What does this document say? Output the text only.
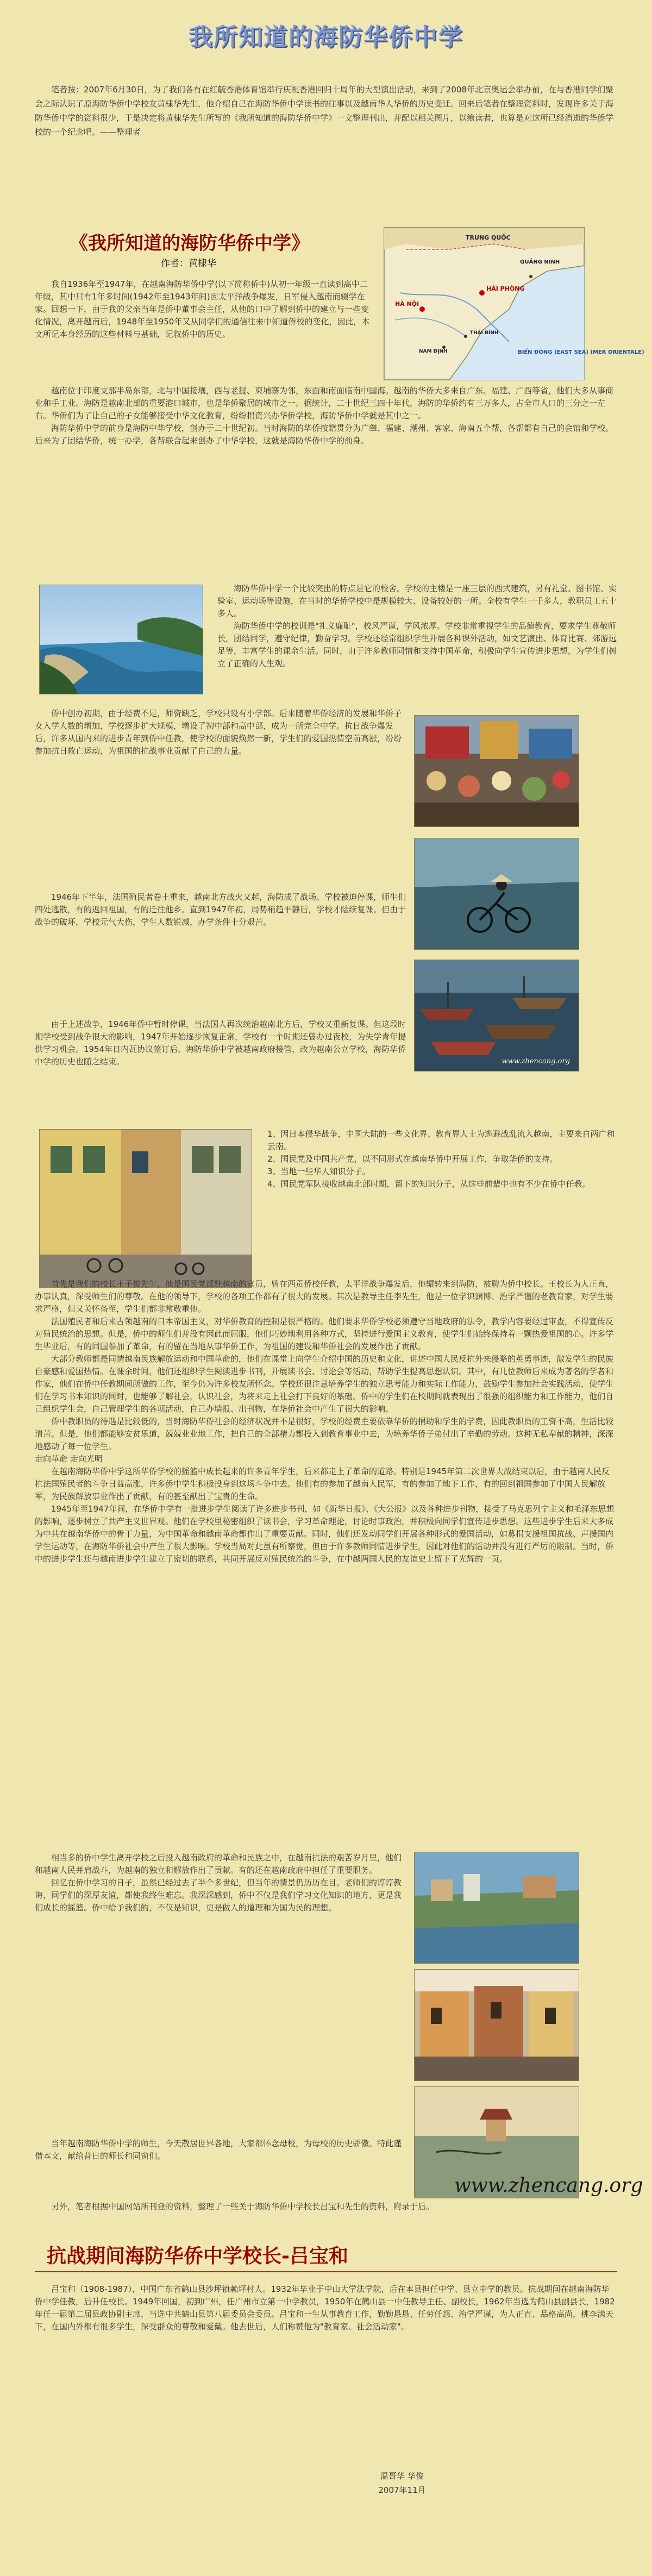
我所知道的海防华侨中学

笔者按：2007年6月30日，为了我们各有在红毓香港体育馆举行庆祝香港回归十周年的大型演出活动，来到了2008年北京奥运会举办前，在与香港同学们聚会之际认识了原海防华侨中学校友黄棣华先生，他介绍自己在海防华侨中学读书的往事以及越南华人华侨的历史变迁。回来后笔者在整理资料时，发现许多关于海防华侨中学的资料很少，于是决定将黄棣华先生所写的《我所知道的海防华侨中学》一文整理刊出，并配以相关图片，以飨读者，也算是对这所已经消逝的华侨学校的一个纪念吧。——整理者

《我所知道的海防华侨中学》
作者：黄棣华
TRUNG QUỐC
QUẢNG NINH
HẢI PHÒNG
HÀ NỘI
THÁI BÌNH
NAM ĐỊNH	BIỂN ĐÔNG (EAST SEA) (MER ORIENTALE)

我自1936年至1947年，在越南海防华侨中学(以下简称侨中)从初一年级一直读到高中二年级，其中只有1年多时间(1942年至1943年间)因太平洋战争爆发，日军侵入越南而辍学在家。回想一下，由于我的父亲当年是侨中董事会主任，从他的口中了解到侨中的建立与一些变化情况，离开越南后，1948年至1950年又从同学们的通信往来中知道侨校的变化，因此，本文所记本身经历的这些材料与基础，记叙侨中的历史。

越南位于印度支那半岛东部，北与中国接壤，西与老挝、柬埔寨为邻，东面和南面临南中国海。越南的华侨大多来自广东、福建、广西等省，他们大多从事商业和手工业。海防是越南北部的重要港口城市，也是华侨聚居的城市之一。据统计，二十世纪三四十年代，海防的华侨约有三万多人，占全市人口的三分之一左右。华侨们为了让自己的子女能够接受中华文化教育，纷纷捐资兴办华侨学校，海防华侨中学就是其中之一。

海防华侨中学的前身是海防中华学校，创办于二十世纪初。当时海防的华侨按籍贯分为广肇、福建、潮州、客家、海南五个帮，各帮都有自己的会馆和学校。后来为了团结华侨，统一办学，各帮联合起来创办了中华学校，这就是海防华侨中学的前身。

海防华侨中学一个比较突出的特点是它的校舍。学校的主楼是一座三层的西式建筑，另有礼堂、图书馆、实验室、运动场等设施，在当时的华侨学校中是规模较大、设备较好的一所。全校有学生一千多人，教职员工五十多人。

海防华侨中学的校训是"礼义廉耻"，校风严谨，学风浓厚。学校非常重视学生的品德教育，要求学生尊敬师长，团结同学，遵守纪律，勤奋学习。学校还经常组织学生开展各种课外活动，如文艺演出、体育比赛、郊游远足等，丰富学生的课余生活。同时，由于许多教师同情和支持中国革命，积极向学生宣传进步思想，为学生们树立了正确的人生观。

侨中创办初期，由于经费不足，师资缺乏，学校只设有小学部。后来随着华侨经济的发展和华侨子女入学人数的增加，学校逐步扩大规模，增设了初中部和高中部，成为一所完全中学。抗日战争爆发后，许多从国内来的进步青年到侨中任教，使学校的面貌焕然一新，学生们的爱国热情空前高涨，纷纷参加抗日救亡运动，为祖国的抗战事业贡献了自己的力量。

www.zhencang.org

1946年下半年，法国殖民者卷土重来，越南北方战火又起，海防成了战场。学校被迫停课，师生们四处逃散，有的返回祖国，有的迁往他乡。直到1947年初，局势稍趋平静后，学校才陆续复课。但由于战争的破坏，学校元气大伤，学生人数锐减，办学条件十分艰苦。

由于上述战争，1946年侨中暂时停课，当法国人再次统治越南北方后，学校又重新复课。但这段时期学校受到战争很大的影响，1947年开始逐步恢复正常，学校有一个时期还曾办过夜校，为失学青年提供学习机会。1954年日内瓦协议签订后，海防华侨中学被越南政府接管，改为越南公立学校，海防华侨中学的历史也随之结束。

1、因日本侵华战争，中国大陆的一些文化界、教育界人士为逃避战乱流入越南，主要来自两广和云南。

2、国民党及中国共产党，以不同形式在越南华侨中开展工作，争取华侨的支持。

3、当地一些华人知识分子。

4、国民党军队接收越南北部时期，留下的知识分子，从这些前辈中也有不少在侨中任教。

首先是我们的校长王子俊先生，他是国民党派驻越南的官员，曾在西贡侨校任教，太平洋战争爆发后，他辗转来到海防，被聘为侨中校长。王校长为人正直，办事认真，深受师生们的尊敬。在他的领导下，学校的各项工作都有了很大的发展。其次是教导主任李先生，他是一位学识渊博、治学严谨的老教育家，对学生要求严格，但又关怀备至，学生们都非常敬重他。

法国殖民者和后来占领越南的日本帝国主义，对华侨教育的控制是很严格的。他们要求华侨学校必须遵守当地政府的法令，教学内容要经过审查，不得宣传反对殖民统治的思想。但是，侨中的师生们并没有因此而屈服，他们巧妙地利用各种方式，坚持进行爱国主义教育，使学生们始终保持着一颗热爱祖国的心。许多学生毕业后，有的回国参加了革命，有的留在当地从事华侨工作，为祖国的建设和华侨社会的发展作出了贡献。

大部分教师都是同情越南民族解放运动和中国革命的，他们在课堂上向学生介绍中国的历史和文化，讲述中国人民反抗外来侵略的英勇事迹，激发学生的民族自豪感和爱国热情。在课余时间，他们还组织学生阅读进步书刊，开展读书会、讨论会等活动，帮助学生提高思想认识。其中，有几位教师后来成为著名的学者和作家，他们在侨中任教期间所做的工作，至今仍为许多校友所怀念。学校还很注意培养学生的独立思考能力和实际工作能力，鼓励学生参加社会实践活动，使学生们在学习书本知识的同时，也能够了解社会，认识社会，为将来走上社会打下良好的基础。侨中的学生们在校期间就表现出了很强的组织能力和工作能力，他们自己组织学生会，自己管理学生的各项活动，自己办墙报、出刊物，在华侨社会中产生了很大的影响。

侨中教职员的待遇是比较低的，当时海防华侨社会的经济状况并不是很好，学校的经费主要依靠华侨的捐助和学生的学费，因此教职员的工资不高，生活比较清苦。但是，他们都能够安贫乐道，兢兢业业地工作，把自己的全部精力都投入到教育事业中去，为培养华侨子弟付出了辛勤的劳动。这种无私奉献的精神，深深地感动了每一位学生。

走向革命 走向光明

在越南海防华侨中学这所华侨学校的摇篮中成长起来的许多青年学生，后来都走上了革命的道路。特别是1945年第二次世界大战结束以后，由于越南人民反抗法国殖民者的斗争日益高涨，许多侨中学生积极投身到这场斗争中去。他们有的参加了越南人民军，有的参加了地下工作，有的回到祖国参加了中国人民解放军，为民族解放事业作出了贡献，有的甚至献出了宝贵的生命。

1945年至1947年间，在华侨中学有一批进步学生阅读了许多进步书刊，如《新华日报》、《大公报》以及各种进步刊物，接受了马克思列宁主义和毛泽东思想的影响，逐步树立了共产主义世界观。他们在学校里秘密组织了读书会，学习革命理论，讨论时事政治，并积极向同学们宣传进步思想。这些进步学生后来大多成为中共在越南华侨中的骨干力量，为中国革命和越南革命都作出了重要贡献。同时，他们还发动同学们开展各种形式的爱国活动，如募捐支援祖国抗战、声援国内学生运动等，在海防华侨社会中产生了很大影响。学校当局对此虽有所察觉，但由于许多教师同情进步学生，因此对他们的活动并没有进行严厉的限制。当时，侨中的进步学生还与越南进步学生建立了密切的联系，共同开展反对殖民统治的斗争，在中越两国人民的友谊史上留下了光辉的一页。

相当多的侨中学生离开学校之后投入越南政府的革命和民族之中，在越南抗法的艰苦岁月里，他们和越南人民并肩战斗，为越南的独立和解放作出了贡献。有的还在越南政府中担任了重要职务。

回忆在侨中学习的日子，虽然已经过去了半个多世纪，但当年的情景仍历历在目。老师们的谆谆教诲，同学们的深厚友谊，都使我终生难忘。我深深感到，侨中不仅是我们学习文化知识的地方，更是我们成长的摇篮。侨中给予我们的，不仅是知识，更是做人的道理和为国为民的理想。

当年越南海防华侨中学的师生，今天散居世界各地，大家都怀念母校，为母校的历史骄傲。特此谨借本文，献给昔日的师长和同窗们。

www.zhencang.org

另外，笔者根据中国网站所刊登的资料，整理了一些关于海防华侨中学校长吕宝和先生的资料，附录于后。

抗战期间海防华侨中学校长-吕宝和

吕宝和（1908-1987），中国广东省鹤山县沙坪镇赖坪村人。1932年毕业于中山大学法学院，后在本县担任中学、县立中学的教员。抗战期间在越南海防华侨中学任教，后升任校长。1949年回国，初到广州，任广州市立第一中学教员，1950年在鹤山县一中任教导主任、副校长，1962年当选为鹤山县副县长，1982年任一届第二届县政协副主席，当选中共鹤山县第八届委员会委员。吕宝和一生从事教育工作，勤勤恳恳、任劳任怨、治学严谨，为人正直、品格高尚，桃李满天下，在国内外都有很多学生，深受群众的尊敬和爱戴。他去世后，人们称赞他为"教育家、社会活动家"。

温哥华 华俊
2007年11月
